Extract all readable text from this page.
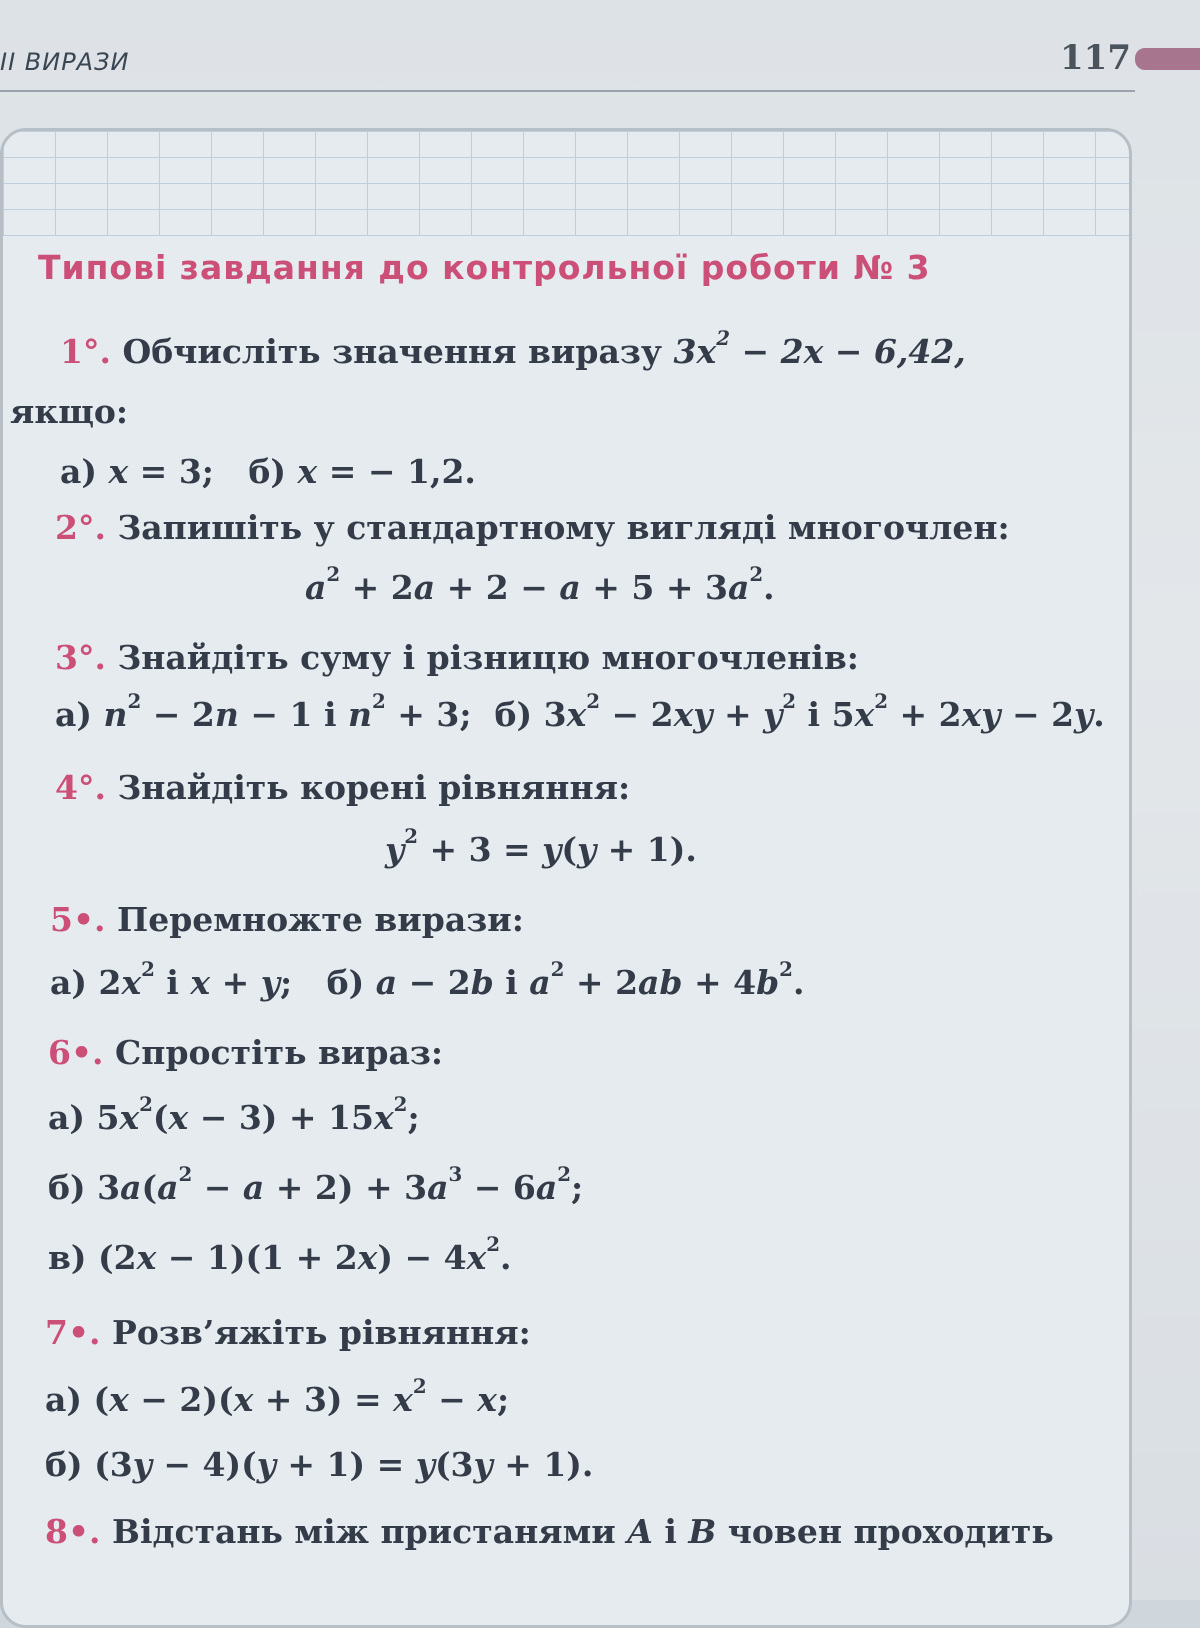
ІІ ВИРАЗИ	117
Типові завдання до контрольної роботи № 3
1°. Обчисліть значення виразу $3x^2 - 2x - 6,42$,
якщо:
а) x = 3;   б) x = − 1,2.
2°. Запишіть у стандартному вигляді многочлен:
$a^2 + 2a + 2 - a + 5 + 3a^2$.
3°. Знайдіть суму і різницю многочленів:
а) $n^2 - 2n - 1$ і $n^2 + 3$;  б) $3x^2 - 2xy + y^2$ і $5x^2 + 2xy - 2y$.
4°. Знайдіть корені рівняння:
$y^2 + 3 = y(y + 1)$.
5•. Перемножте вирази:
а) $2x^2$ і x + y;   б) a − 2b і $a^2 + 2ab + 4b^2$.
6•. Спростіть вираз:
а) $5x^2(x - 3) + 15x^2$;
б) $3a(a^2 - a + 2) + 3a^3 - 6a^2$;
в) $(2x - 1)(1 + 2x) - 4x^2$.
7•. Розв’яжіть рівняння:
а) $(x - 2)(x + 3) = x^2 - x$;
б) (3y − 4)(y + 1) = y(3y + 1).
8•. Відстань між пристанями A і B човен проходить
